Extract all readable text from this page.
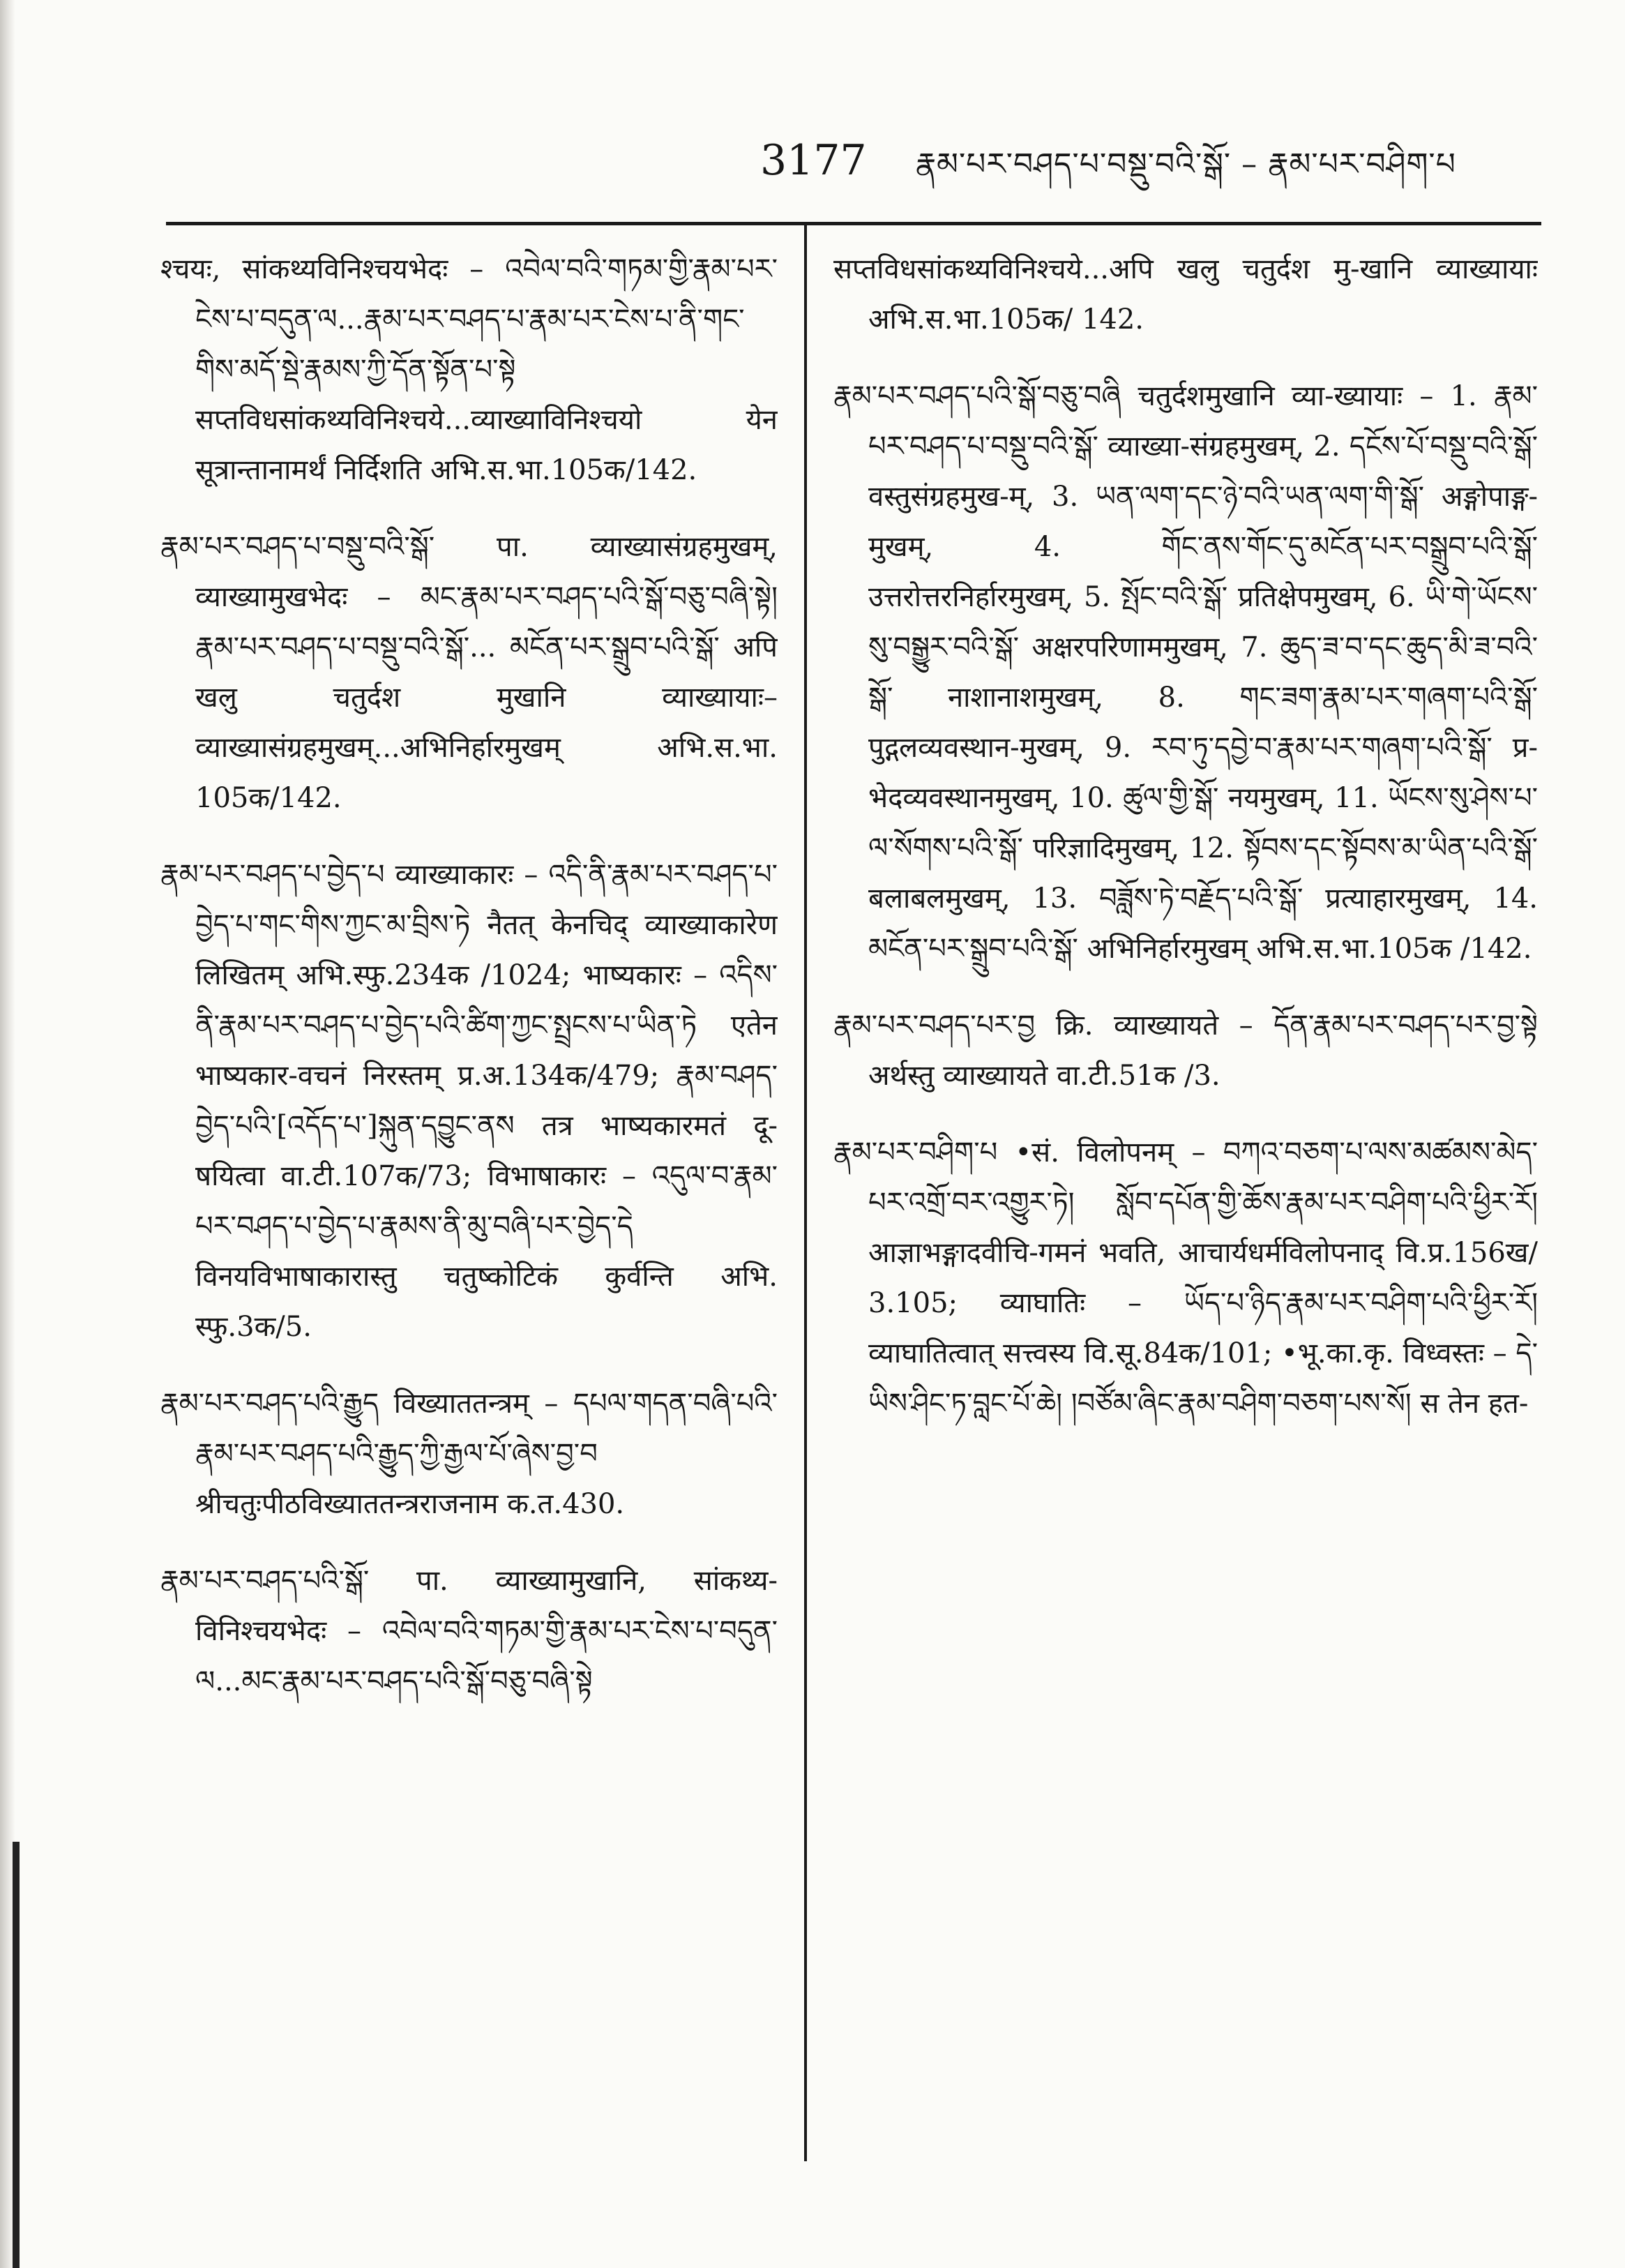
3177 རྣམ་པར་བཤད་པ་བསྡུ་བའི་སྒོ་ – རྣམ་པར་བཤིག་པ

श्चयः, सांकथ्यविनिश्चयभेदः – འབེལ་བའི་གཏམ་གྱི་རྣམ་པར་ངེས་པ་བདུན་ལ...རྣམ་པར་བཤད་པ་རྣམ་པར་ངེས་པ་ནི་གང་གིས་མདོ་སྡེ་རྣམས་ཀྱི་དོན་སྟོན་པ་སྟེ सप्तविधसांकथ्यविनिश्चये...व्याख्याविनिश्चयो येन सूत्रान्तानामर्थं निर्दिशति अभि.स.भा.105क/142.

རྣམ་པར་བཤད་པ་བསྡུ་བའི་སྒོ་ पा. व्याख्यासंग्रहमुखम्, व्याख्यामुखभेदः – མང་རྣམ་པར་བཤད་པའི་སྒོ་བཅུ་བཞི་སྟེ། རྣམ་པར་བཤད་པ་བསྡུ་བའི་སྒོ་... མངོན་པར་སྒྲུབ་པའི་སྒོ་ अपि खलु चतुर्दश मुखानि व्याख्यायाः– व्याख्यासंग्रहमुखम्...अभिनिर्हारमुखम् अभि.स.भा. 105क/142.

རྣམ་པར་བཤད་པ་བྱེད་པ व्याख्याकारः – འདི་ནི་རྣམ་པར་བཤད་པ་བྱེད་པ་གང་གིས་ཀྱང་མ་བྲིས་ཏེ नैतत् केनचिद् व्याख्याकारेण लिखितम् अभि.स्फु.234क /1024; भाष्यकारः – འདིས་ནི་རྣམ་པར་བཤད་པ་བྱེད་པའི་ཚིག་ཀྱང་སྤྲངས་པ་ཡིན་ཏེ एतेन भाष्यकार-वचनं निरस्तम् प्र.अ.134क/479; རྣམ་བཤད་བྱེད་པའི་[འདོད་པ་]སྐུན་དབྱུང་ནས तत्र भाष्यकारमतं दू-षयित्वा वा.टी.107क/73; विभाषाकारः – འདུལ་བ་རྣམ་པར་བཤད་པ་བྱེད་པ་རྣམས་ནི་མུ་བཞི་པར་བྱེད་དེ विनयविभाषाकारास्तु चतुष्कोटिकं कुर्वन्ति अभि. स्फु.3क/5.

རྣམ་པར་བཤད་པའི་རྒྱུད विख्याततन्त्रम् – དཔལ་གདན་བཞི་པའི་རྣམ་པར་བཤད་པའི་རྒྱུད་ཀྱི་རྒྱལ་པོ་ཞེས་བྱ་བ श्रीचतुःपीठविख्याततन्त्रराजनाम क.त.430.

རྣམ་པར་བཤད་པའི་སྒོ་ पा. व्याख्यामुखानि, सांकथ्य-विनिश्चयभेदः – འབེལ་བའི་གཏམ་གྱི་རྣམ་པར་ངེས་པ་བདུན་ལ...མང་རྣམ་པར་བཤད་པའི་སྒོ་བཅུ་བཞི་སྟེ

सप्तविधसांकथ्यविनिश्चये...अपि खलु चतुर्दश मु-खानि व्याख्यायाः अभि.स.भा.105क/ 142.

རྣམ་པར་བཤད་པའི་སྒོ་བཅུ་བཞི चतुर्दशमुखानि व्या-ख्यायाः – 1. རྣམ་པར་བཤད་པ་བསྡུ་བའི་སྒོ་ व्याख्या-संग्रहमुखम्, 2. དངོས་པོ་བསྡུ་བའི་སྒོ་ वस्तुसंग्रहमुख-म्, 3. ཡན་ལག་དང་ཉེ་བའི་ཡན་ལག་གི་སྒོ་ अङ्गोपाङ्ग-मुखम्, 4. གོང་ནས་གོང་དུ་མངོན་པར་བསྒྲུབ་པའི་སྒོ་ उत्तरोत्तरनिर्हारमुखम्, 5. སྤོང་བའི་སྒོ་ प्रतिक्षेपमुखम्, 6. ཡི་གེ་ཡོངས་སུ་བསྒྱུར་བའི་སྒོ་ अक्षरपरिणाममुखम्, 7. ཆུད་ཟ་བ་དང་ཆུད་མི་ཟ་བའི་སྒོ་ नाशानाशमुखम्, 8. གང་ཟག་རྣམ་པར་གཞག་པའི་སྒོ་ पुद्गलव्यवस्थान-मुखम्, 9. རབ་ཏུ་དབྱེ་བ་རྣམ་པར་གཞག་པའི་སྒོ་ प्र-भेदव्यवस्थानमुखम्, 10. ཚུལ་གྱི་སྒོ་ नयमुखम्, 11. ཡོངས་སུ་ཤེས་པ་ལ་སོགས་པའི་སྒོ་ परिज्ञादिमुखम्, 12. སྟོབས་དང་སྟོབས་མ་ཡིན་པའི་སྒོ་ बलाबलमुखम्, 13. བཟློས་ཏེ་བརྗོད་པའི་སྒོ་ प्रत्याहारमुखम्, 14. མངོན་པར་སྒྲུབ་པའི་སྒོ་ अभिनिर्हारमुखम् अभि.स.भा.105क /142.

རྣམ་པར་བཤད་པར་བྱ क्रि. व्याख्यायते – དོན་རྣམ་པར་བཤད་པར་བྱ་སྟེ अर्थस्तु व्याख्यायते वा.टी.51क /3.

རྣམ་པར་བཤིག་པ •सं. विलोपनम् – བཀའ་བཅག་པ་ལས་མཚམས་མེད་པར་འགྲོ་བར་འགྱུར་ཏེ། སློབ་དཔོན་གྱི་ཆོས་རྣམ་པར་བཤིག་པའི་ཕྱིར་རོ། आज्ञाभङ्गादवीचि-गमनं भवति, आचार्यधर्मविलोपनाद् वि.प्र.156ख/ 3.105; व्याघातिः – ཡོད་པ་ཉིད་རྣམ་པར་བཤིག་པའི་ཕྱིར་རོ། व्याघातित्वात् सत्त्वस्य वि.सू.84क/101; •भू.का.कृ. विध्वस्तः – དེ་ཡིས་ཤིང་ཏ་བླང་པོ་ཆེ། །བཙོམ་ཞིང་རྣམ་བཤིག་བཅག་པས་སོ། स तेन हत-
